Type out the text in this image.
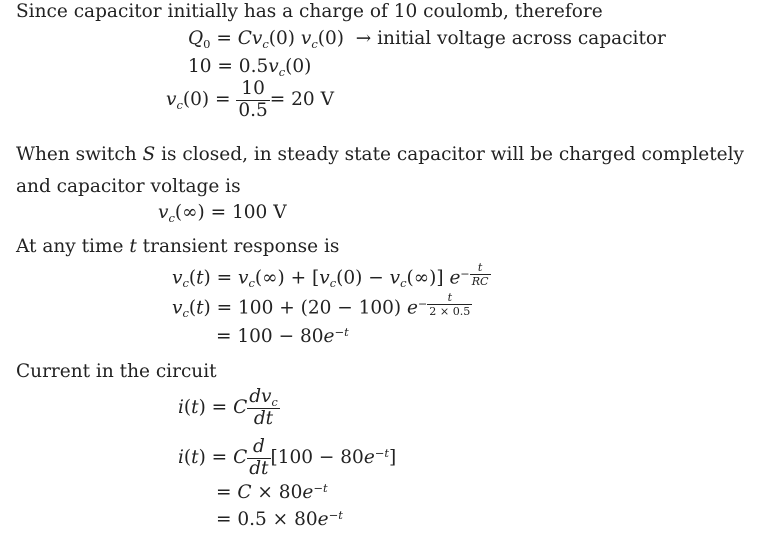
Since capacitor initially has a charge of 10 coulomb, therefore
Q0 = Cvc(0) vc(0)  → initial voltage across capacitor
10 = 0.5vc(0)
$vc(0) = \frac{10}{0.5} = 20$ V
When switch S is closed, in steady state capacitor will be charged completely
and capacitor voltage is
vc(∞) = 100 V
At any time t transient response is
vc(t) = vc(∞) + [vc(0) − vc(∞)] $e- \frac{t}{RC}$
vc(t) = 100 + (20 − 100) $e- \frac{t}{2 \times 0.5}$
= $100 - 80e^{-t}$
Current in the circuit
i(t) = C $\frac{\text{dvc}}{dt}$
i(t) = C $\frac{d}{dt} [100 - 80e^{-t}]$
= $C \times 80e^{-t}$
= $0.5 \times 80e^{-t}$
